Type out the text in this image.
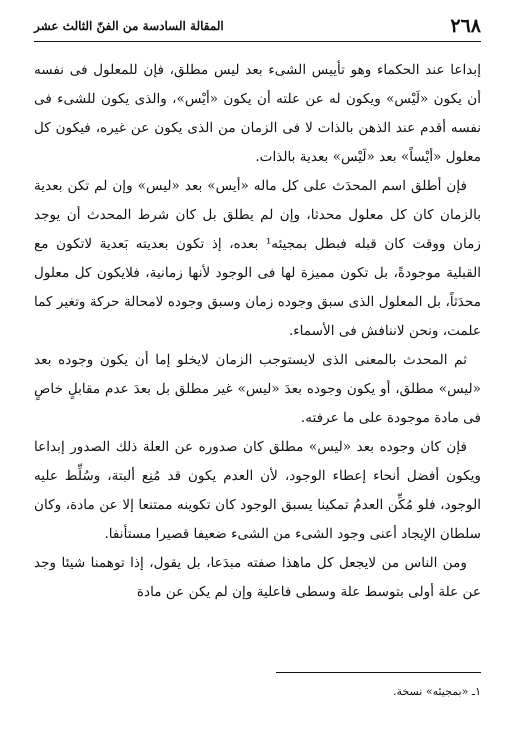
٢٦٨
المقالة السادسة من الفنّ الثالث عشر

إبداعا عند الحكماء وهو تأييس الشىء بعد ليس مطلق، فإن للمعلول فى نفسه أن يكون «لَيْس» ويكون له عن علته أن يكون «أيْس»، والذى يكون للشىء فى نفسه أقدم عند الذهن بالذات لا فى الزمان من الذى يكون عن غيره، فيكون كل معلول «أيْساً» بعد «لَيْس» بعدية بالذات.

فإن أطلق اسم المحدَث على كل ماله «أيس» بعد «ليس» وإن لم تكن بعدية بالزمان كان كل معلول محدثا، وإن لم يطلق بل كان شرط المحدث أن يوجد زمان ووقت كان قبله فبطل بمجيئه¹ بعده، إذ تكون بعديته بَعدية لاتكون مع القبلية موجودةً، بل تكون مميزة لها فى الوجود لأنها زمانية، فلايكون كل معلول محدَثاً، بل المعلول الذى سبق وجوده زمان وسبق وجوده لامحالة حركة وتغير كما علمت، ونحن لاننافش فى الأسماء.

ثم المحدث بالمعنى الذى لايستوجب الزمان لايخلو إما أن يكون وجوده بعد «ليس» مطلق، أو يكون وجوده بعدَ «ليس» غير مطلق بل بعدَ عدم مقابلٍ خاصٍ فى مادة موجودة على ما عرفته.

فإن كان وجوده بعد «ليس» مطلق كان صدوره عن العلة ذلك الصدور إبداعا ويكون أفضل أنحاء إعطاء الوجود، لأن العدم يكون قد مُنِع ألبتة، وسُلِّط عليه الوجود، فلو مُكِّن العدمُ تمكينا يسبق الوجود كان تكوينه ممتنعا إلا عن مادة، وكان سلطان الإيجاد أعنى وجود الشىء من الشىء ضعيفا قصيرا مستأنفا.

ومن الناس من لايجعل كل ماهذا صفته مبدَعا، بل يقول، إذا توهمنا شيئا وجد عن علة أولى بتوسط علة وسطى فاعلية وإن لم يكن عن مادة

١ـ «بمجيئه» نسخة.
